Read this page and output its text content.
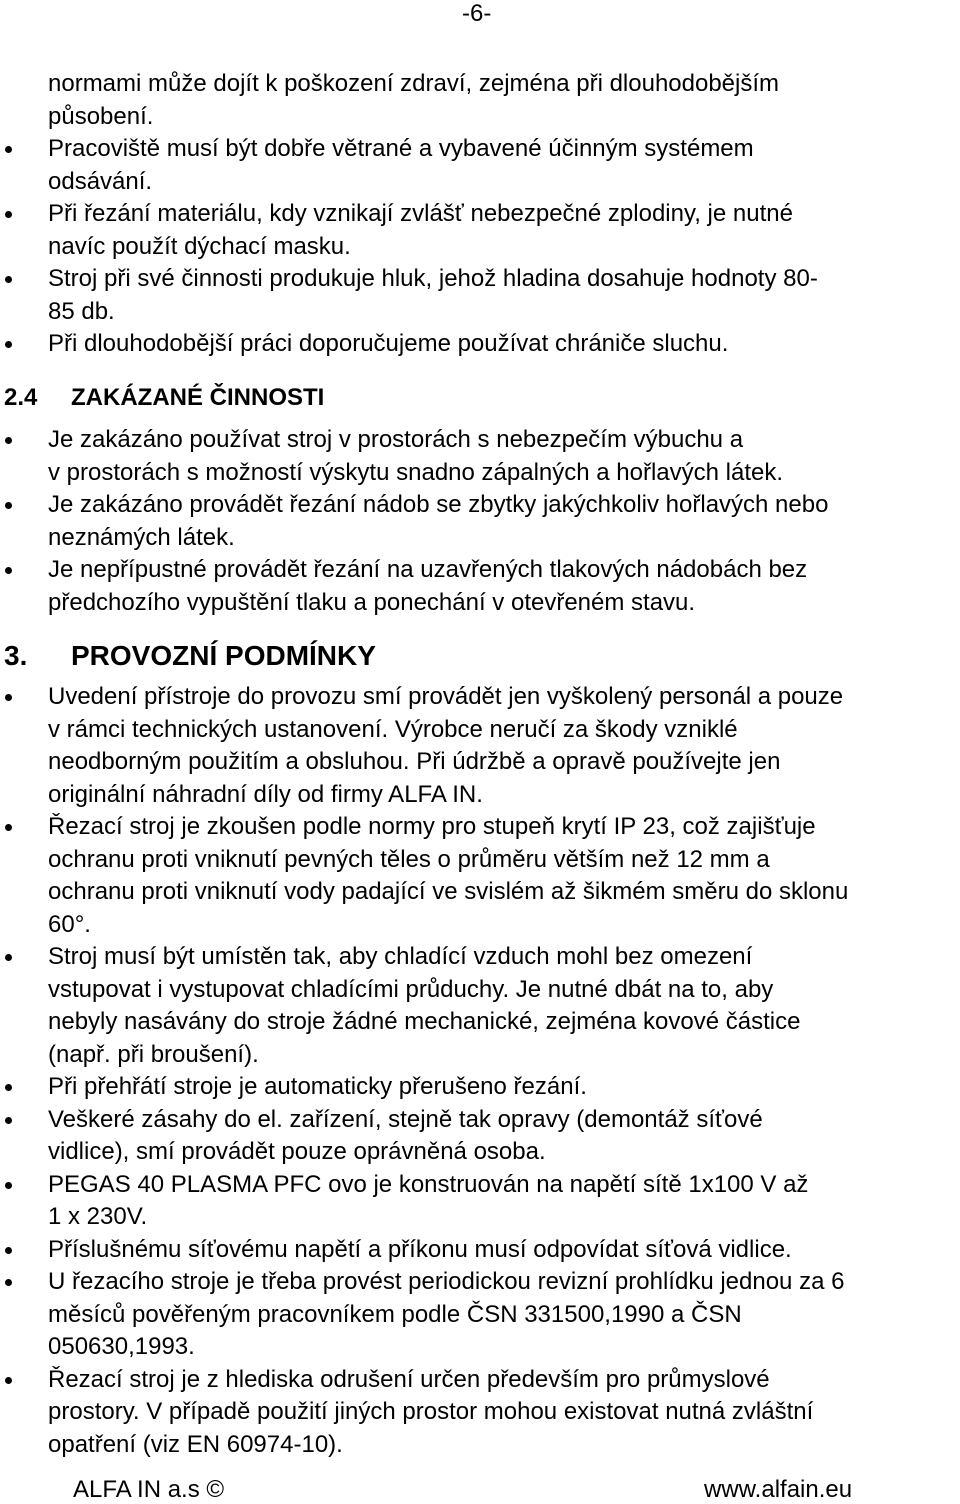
-6-
normami může dojít k poškození zdraví, zejména při dlouhodobějším
působení.
Pracoviště musí být dobře větrané a vybavené účinným systémem
odsávání.
Při řezání materiálu, kdy vznikají zvlášť nebezpečné zplodiny, je nutné
navíc použít dýchací masku.
Stroj při své činnosti produkuje hluk, jehož hladina dosahuje hodnoty 80-
85 db.
Při dlouhodobější práci doporučujeme používat chrániče sluchu.
2.4 ZAKÁZANÉ ČINNOSTI
Je zakázáno používat stroj v prostorách s nebezpečím výbuchu a
v prostorách s možností výskytu snadno zápalných a hořlavých látek.
Je zakázáno provádět řezání nádob se zbytky jakýchkoliv hořlavých nebo
neznámých látek.
Je nepřípustné provádět řezání na uzavřených tlakových nádobách bez
předchozího vypuštění tlaku a ponechání v otevřeném stavu.
3. PROVOZNÍ PODMÍNKY
Uvedení přístroje do provozu smí provádět jen vyškolený personál a pouze
v rámci technických ustanovení. Výrobce neručí za škody vzniklé
neodborným použitím a obsluhou. Při údržbě a opravě používejte jen
originální náhradní díly od firmy ALFA IN.
Řezací stroj je zkoušen podle normy pro stupeň krytí IP 23, což zajišťuje
ochranu proti vniknutí pevných těles o průměru větším než 12 mm a
ochranu proti vniknutí vody padající ve svislém až šikmém směru do sklonu
60°.
Stroj musí být umístěn tak, aby chladící vzduch mohl bez omezení
vstupovat i vystupovat chladícími průduchy. Je nutné dbát na to, aby
nebyly nasávány do stroje žádné mechanické, zejména kovové částice
(např. při broušení).
Při přehřátí stroje je automaticky přerušeno řezání.
Veškeré zásahy do el. zařízení, stejně tak opravy (demontáž síťové
vidlice), smí provádět pouze oprávněná osoba.
PEGAS 40 PLASMA PFC ovo je konstruován na napětí sítě 1x100 V až
1 x 230V.
Příslušnému síťovému napětí a příkonu musí odpovídat síťová vidlice.
U řezacího stroje je třeba provést periodickou revizní prohlídku jednou za 6
měsíců pověřeným pracovníkem podle ČSN 331500,1990 a ČSN
050630,1993.
Řezací stroj je z hlediska odrušení určen především pro průmyslové
prostory. V případě použití jiných prostor mohou existovat nutná zvláštní
opatření (viz EN 60974-10).
ALFA IN a.s ©	www.alfain.eu
